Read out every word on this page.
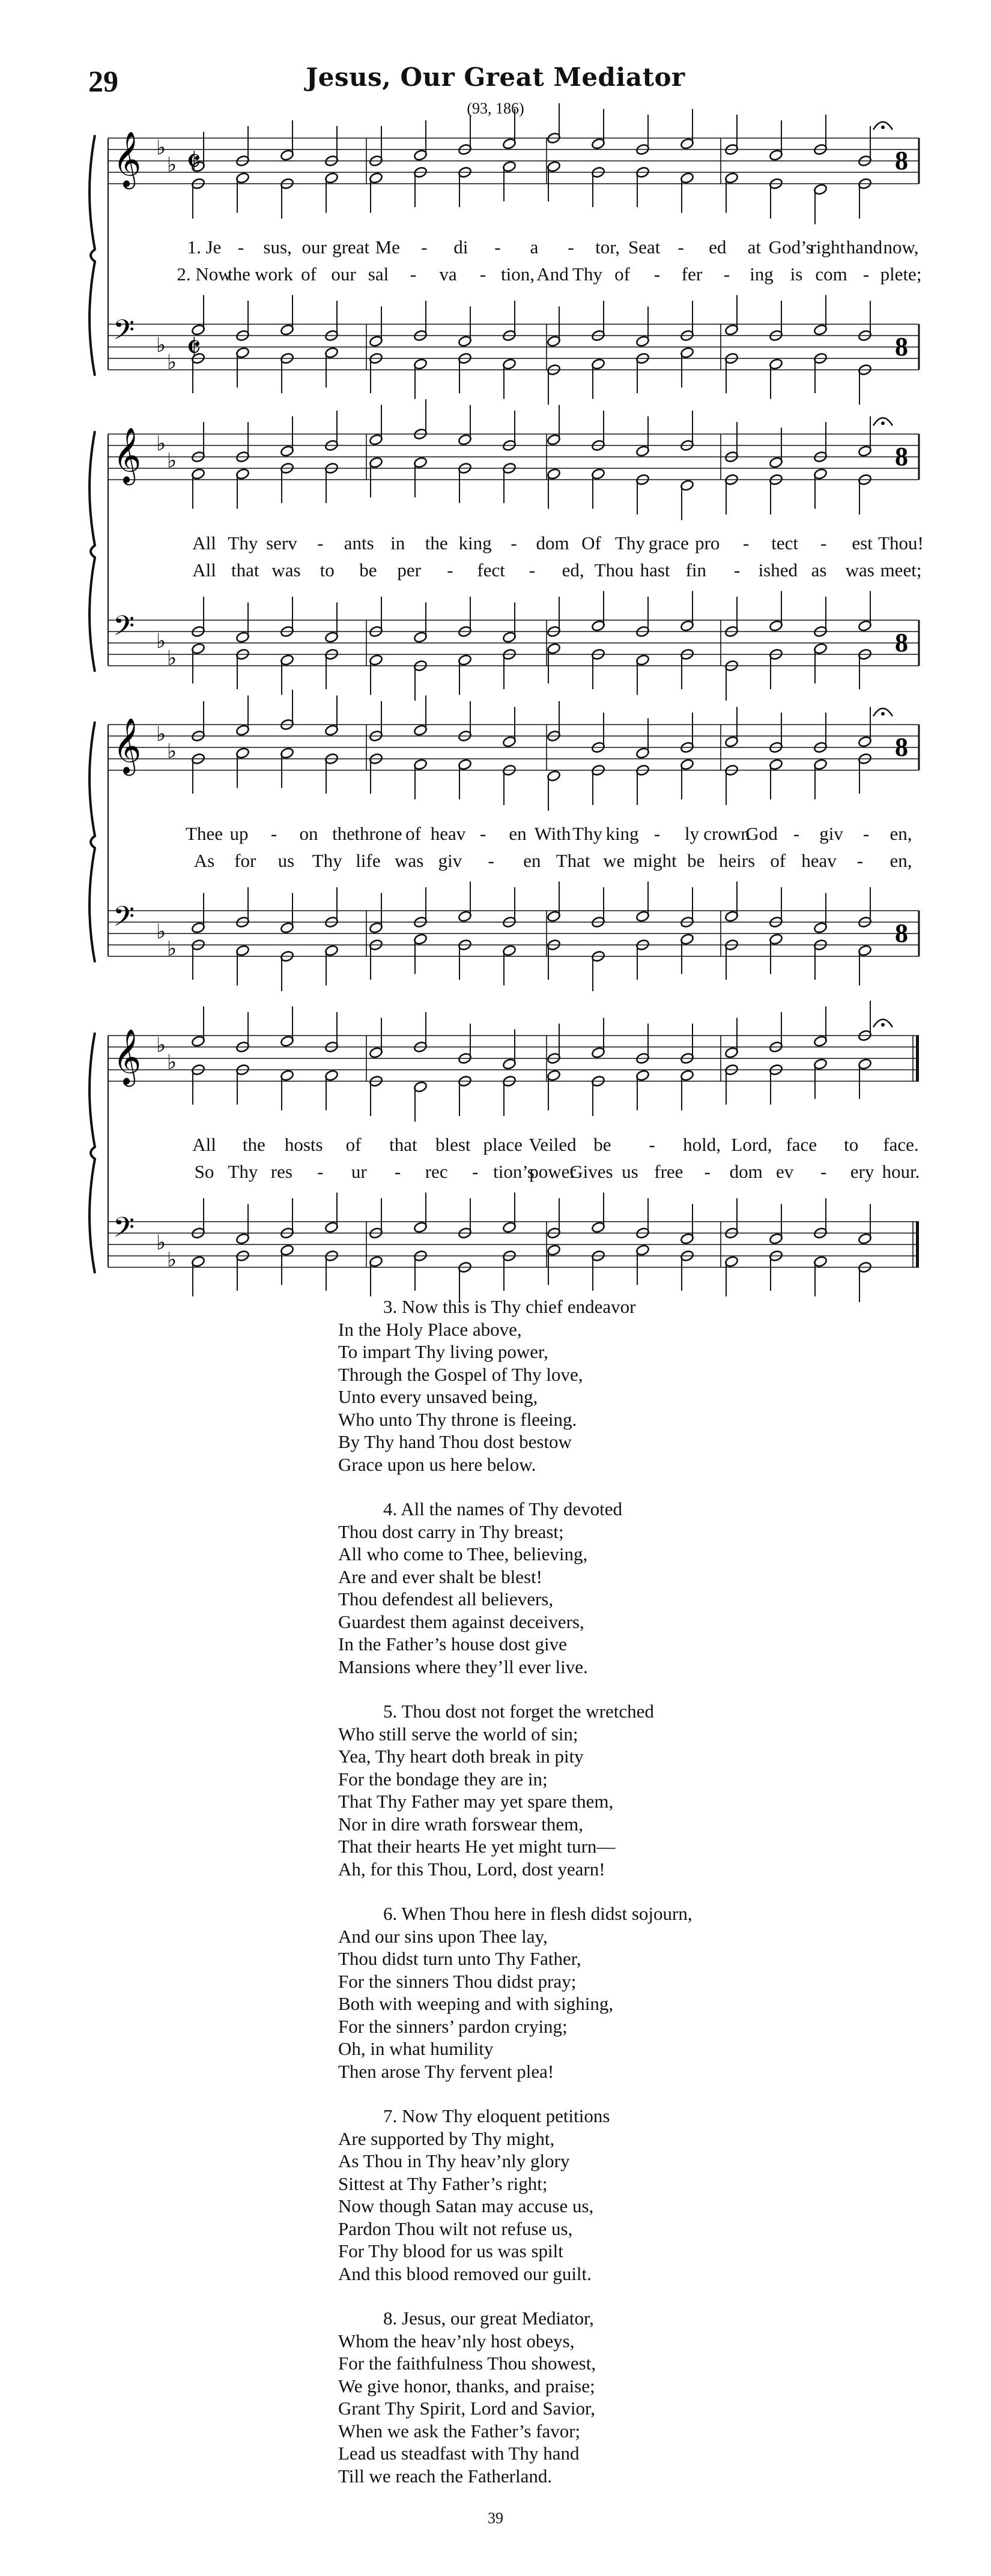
29	Jesus, Our Great Mediator
(93, 186)
𝄞 ♭
♭ 𝄵	8
𝄢 ♭
♭ 𝄵	8
1. Je - sus, our great Me - di - a - tor, Seat - ed at God’s
right hand now,
2. Now
the work of our sal - va - tion, And Thy of - fer - ing is com - plete;
𝄞 ♭
♭	8
𝄢 ♭
♭
8
All Thy serv - ants in the king - dom Of Thy grace pro - tect - est Thou!
All that was to be per - fect - ed, Thou hast fin - ished as was meet;
𝄞 ♭
♭	8
𝄢 ♭
♭
8
Thee up - on the throne of heav - en With Thy king - ly crown
God - giv - en,
As for us Thy life was giv - en That we might be heirs of heav - en,
𝄞 ♭
♭
𝄢 ♭
♭
All the hosts of that blest place Veiled be - hold, Lord, face to face.
So Thy res - ur - rec - tion’s
power
Gives us free - dom ev - ery hour.
3. Now this is Thy chief endeavor
In the Holy Place above,
To impart Thy living power,
Through the Gospel of Thy love,
Unto every unsaved being,
Who unto Thy throne is fleeing.
By Thy hand Thou dost bestow
Grace upon us here below.
4. All the names of Thy devoted
Thou dost carry in Thy breast;
All who come to Thee, believing,
Are and ever shalt be blest!
Thou defendest all believers,
Guardest them against deceivers,
In the Father’s house dost give
Mansions where they’ll ever live.
5. Thou dost not forget the wretched
Who still serve the world of sin;
Yea, Thy heart doth break in pity
For the bondage they are in;
That Thy Father may yet spare them,
Nor in dire wrath forswear them,
That their hearts He yet might turn—
Ah, for this Thou, Lord, dost yearn!
6. When Thou here in flesh didst sojourn,
And our sins upon Thee lay,
Thou didst turn unto Thy Father,
For the sinners Thou didst pray;
Both with weeping and with sighing,
For the sinners’ pardon crying;
Oh, in what humility
Then arose Thy fervent plea!
7. Now Thy eloquent petitions
Are supported by Thy might,
As Thou in Thy heav’nly glory
Sittest at Thy Father’s right;
Now though Satan may accuse us,
Pardon Thou wilt not refuse us,
For Thy blood for us was spilt
And this blood removed our guilt.
8. Jesus, our great Mediator,
Whom the heav’nly host obeys,
For the faithfulness Thou showest,
We give honor, thanks, and praise;
Grant Thy Spirit, Lord and Savior,
When we ask the Father’s favor;
Lead us steadfast with Thy hand
Till we reach the Fatherland.
39
